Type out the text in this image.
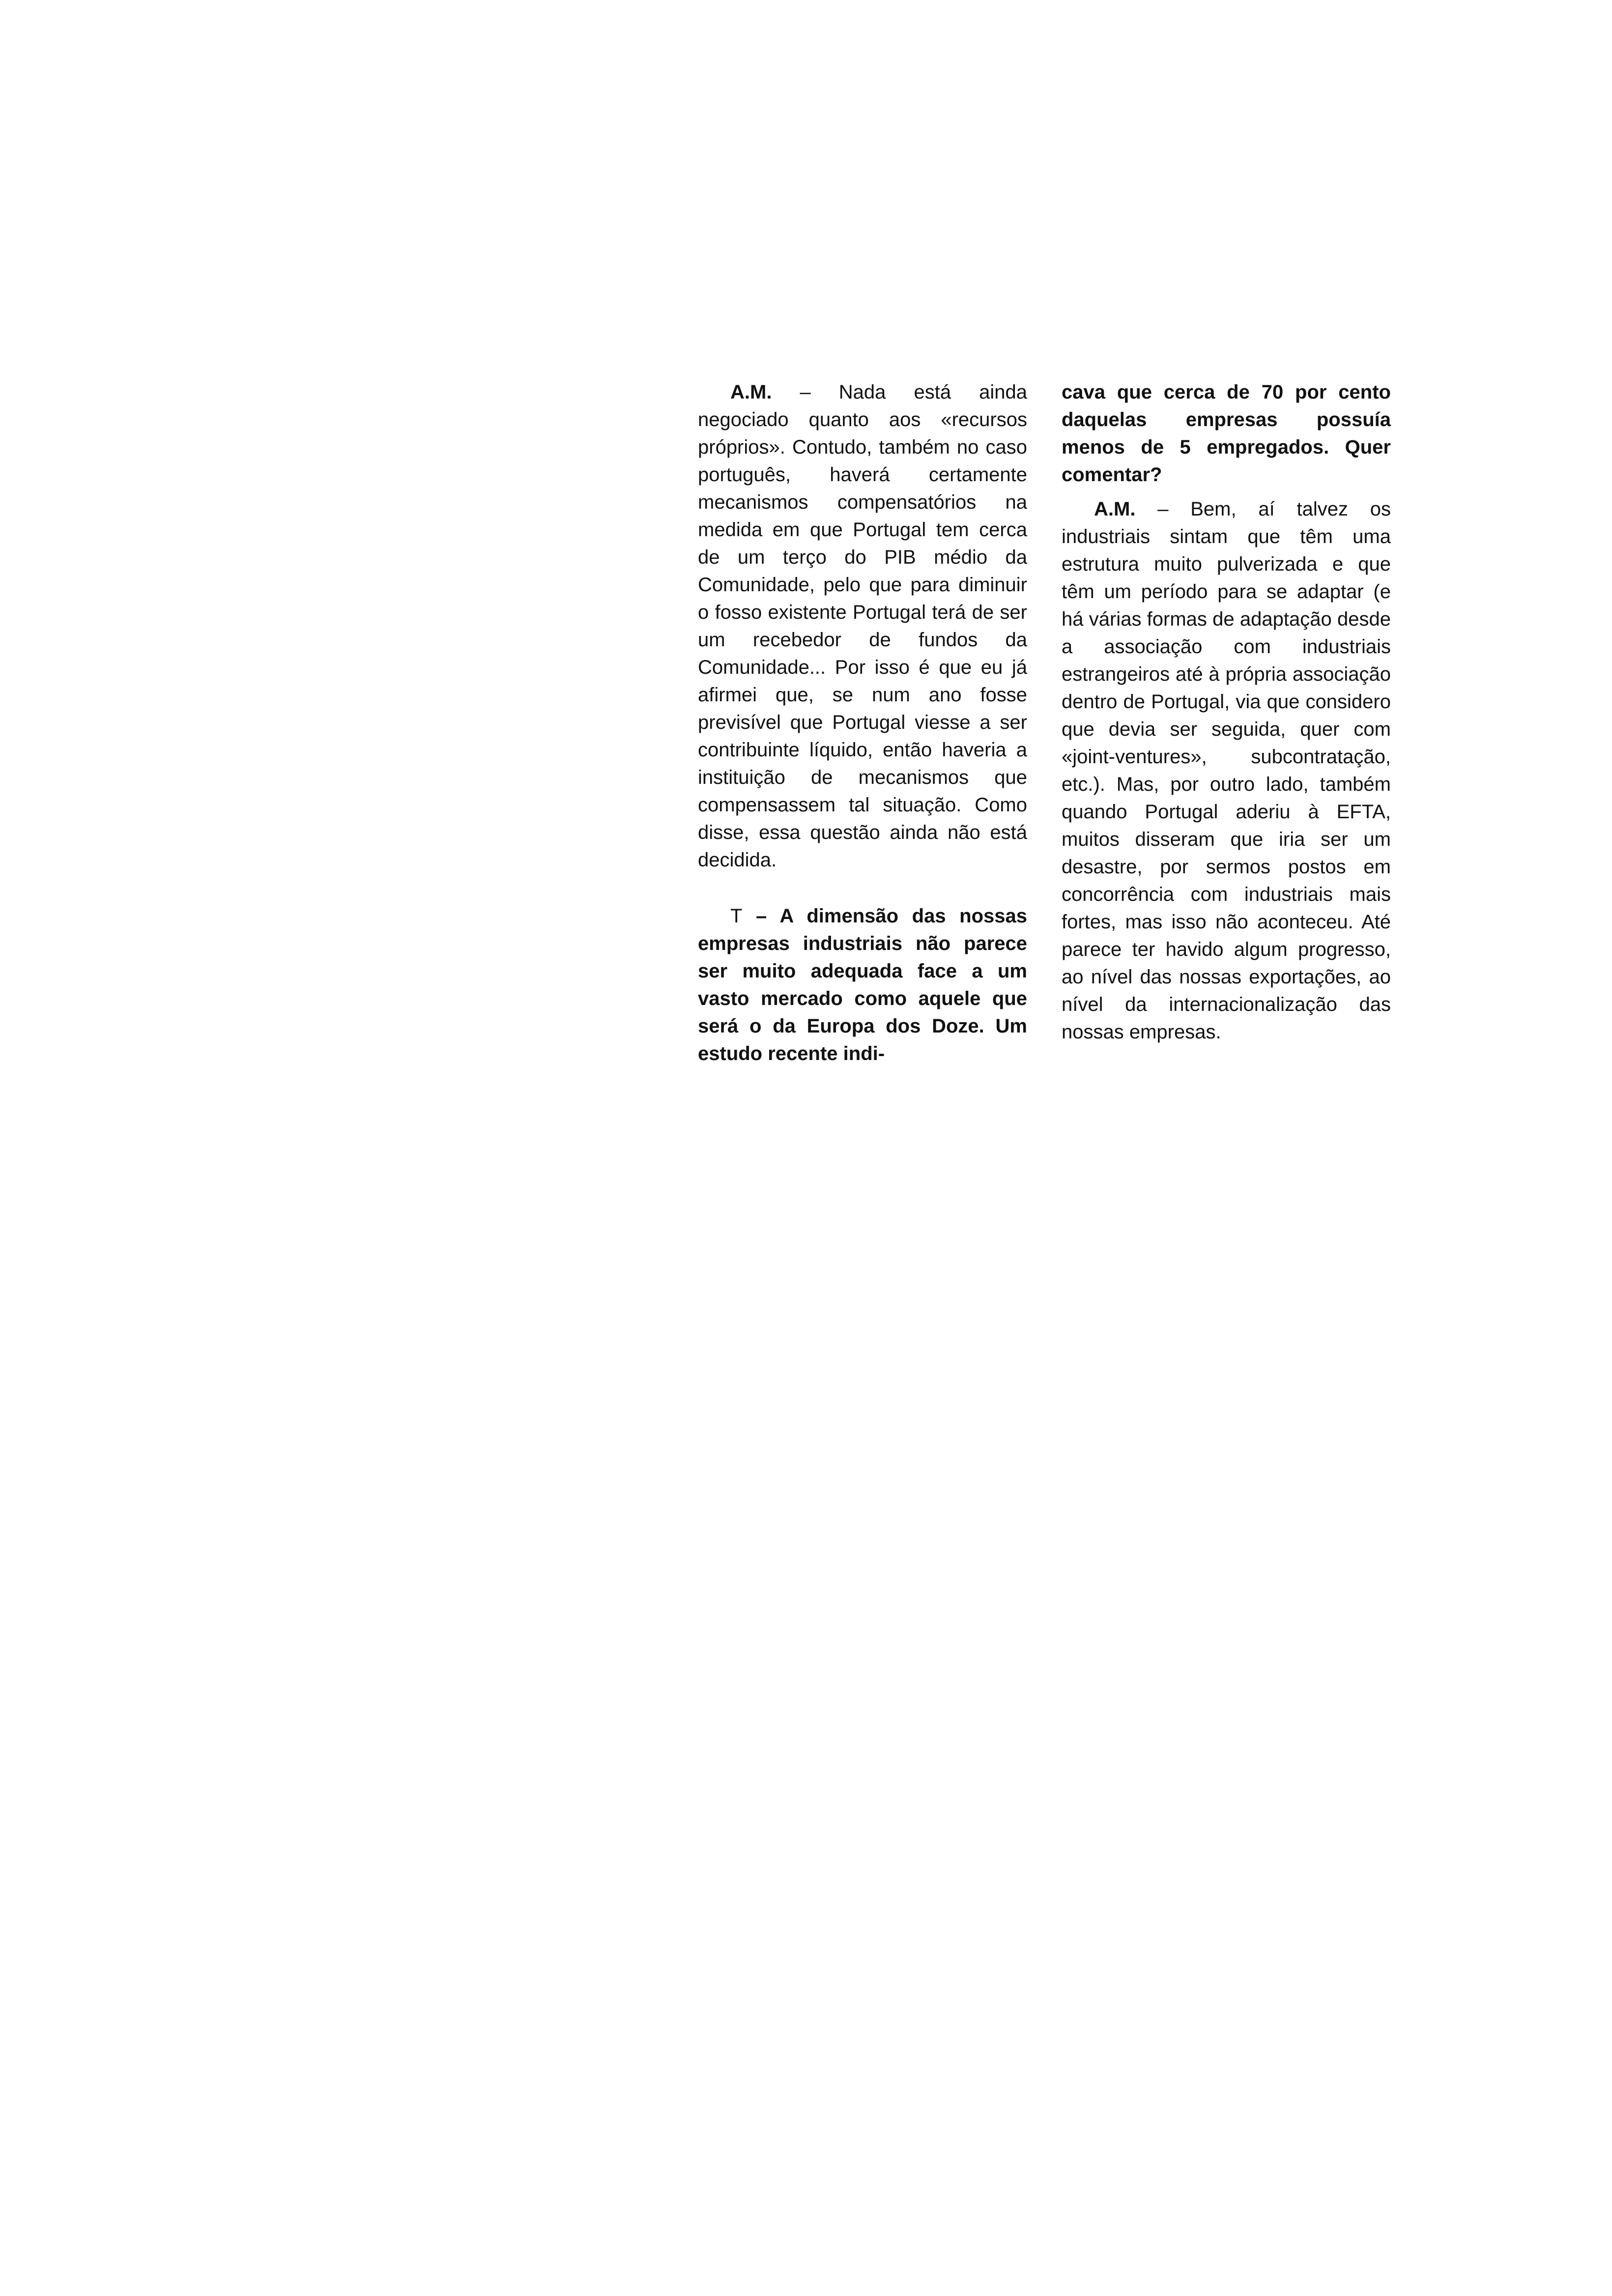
A.M. – Nada está ainda negociado quanto aos «recursos próprios». Contudo, também no caso português, haverá certamente mecanismos compensatórios na medida em que Portugal tem cerca de um terço do PIB médio da Comunidade, pelo que para diminuir o fosso existente Portugal terá de ser um recebedor de fundos da Comunidade... Por isso é que eu já afirmei que, se num ano fosse previsível que Portugal viesse a ser contribuinte líquido, então haveria a instituição de mecanismos que compensassem tal situação. Como disse, essa questão ainda não está decidida.

T – A dimensão das nossas empresas industriais não parece ser muito adequada face a um vasto mercado como aquele que será o da Europa dos Doze. Um estudo recente indi-

cava que cerca de 70 por cento daquelas empresas possuía menos de 5 empregados. Quer comentar?

A.M. – Bem, aí talvez os industriais sintam que têm uma estrutura muito pulverizada e que têm um período para se adaptar (e há várias formas de adaptação desde a associação com industriais estrangeiros até à própria associação dentro de Portugal, via que considero que devia ser seguida, quer com «joint-ventures», subcontratação, etc.). Mas, por outro lado, também quando Portugal aderiu à EFTA, muitos disseram que iria ser um desastre, por sermos postos em concorrência com industriais mais fortes, mas isso não aconteceu. Até parece ter havido algum progresso, ao nível das nossas exportações, ao nível da internacionalização das nossas empresas.
